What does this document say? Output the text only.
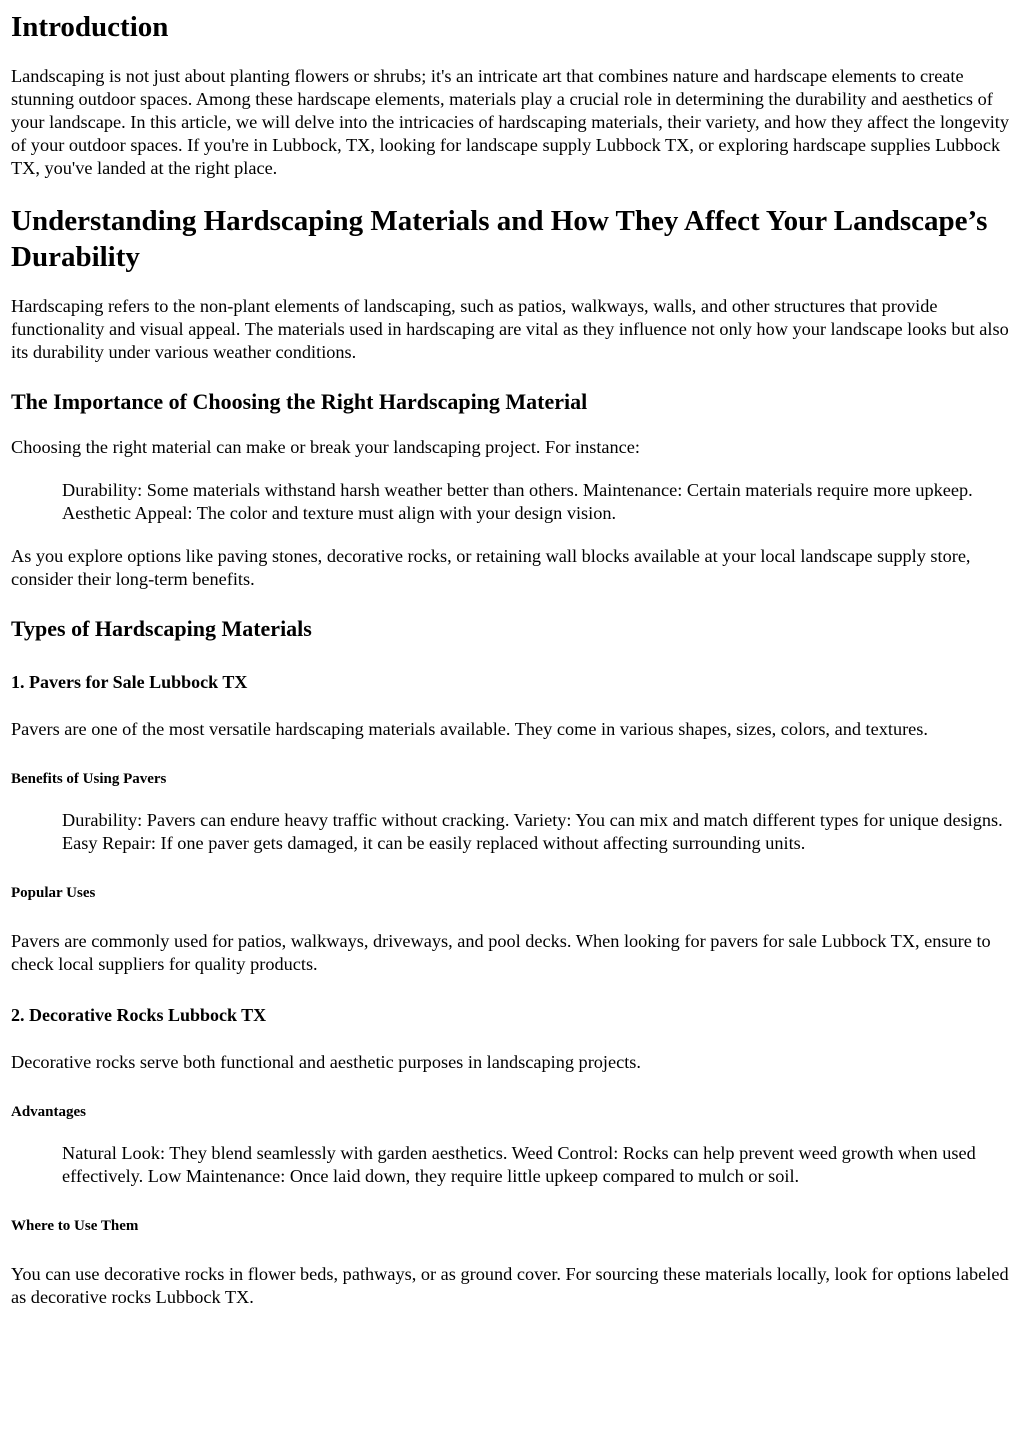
Introduction

Landscaping is not just about planting flowers or shrubs; it's an intricate art that combines nature and hardscape elements to create stunning outdoor spaces. Among these hardscape elements, materials play a crucial role in determining the durability and aesthetics of your landscape. In this article, we will delve into the intricacies of hardscaping materials, their variety, and how they affect the longevity of your outdoor spaces. If you're in Lubbock, TX, looking for landscape supply Lubbock TX, or exploring hardscape supplies Lubbock TX, you've landed at the right place.

Understanding Hardscaping Materials and How They Affect Your Landscape’s Durability

Hardscaping refers to the non-plant elements of landscaping, such as patios, walkways, walls, and other structures that provide functionality and visual appeal. The materials used in hardscaping are vital as they influence not only how your landscape looks but also its durability under various weather conditions.

The Importance of Choosing the Right Hardscaping Material

Choosing the right material can make or break your landscaping project. For instance:

Durability: Some materials withstand harsh weather better than others. Maintenance: Certain materials require more upkeep. Aesthetic Appeal: The color and texture must align with your design vision.

As you explore options like paving stones, decorative rocks, or retaining wall blocks available at your local landscape supply store, consider their long-term benefits.

Types of Hardscaping Materials
1. Pavers for Sale Lubbock TX

Pavers are one of the most versatile hardscaping materials available. They come in various shapes, sizes, colors, and textures.

Benefits of Using Pavers
Durability: Pavers can endure heavy traffic without cracking. Variety: You can mix and match different types for unique designs. Easy Repair: If one paver gets damaged, it can be easily replaced without affecting surrounding units.
Popular Uses

Pavers are commonly used for patios, walkways, driveways, and pool decks. When looking for pavers for sale Lubbock TX, ensure to check local suppliers for quality products.

2. Decorative Rocks Lubbock TX

Decorative rocks serve both functional and aesthetic purposes in landscaping projects.

Advantages
Natural Look: They blend seamlessly with garden aesthetics. Weed Control: Rocks can help prevent weed growth when used effectively. Low Maintenance: Once laid down, they require little upkeep compared to mulch or soil.
Where to Use Them

You can use decorative rocks in flower beds, pathways, or as ground cover. For sourcing these materials locally, look for options labeled as decorative rocks Lubbock TX.
